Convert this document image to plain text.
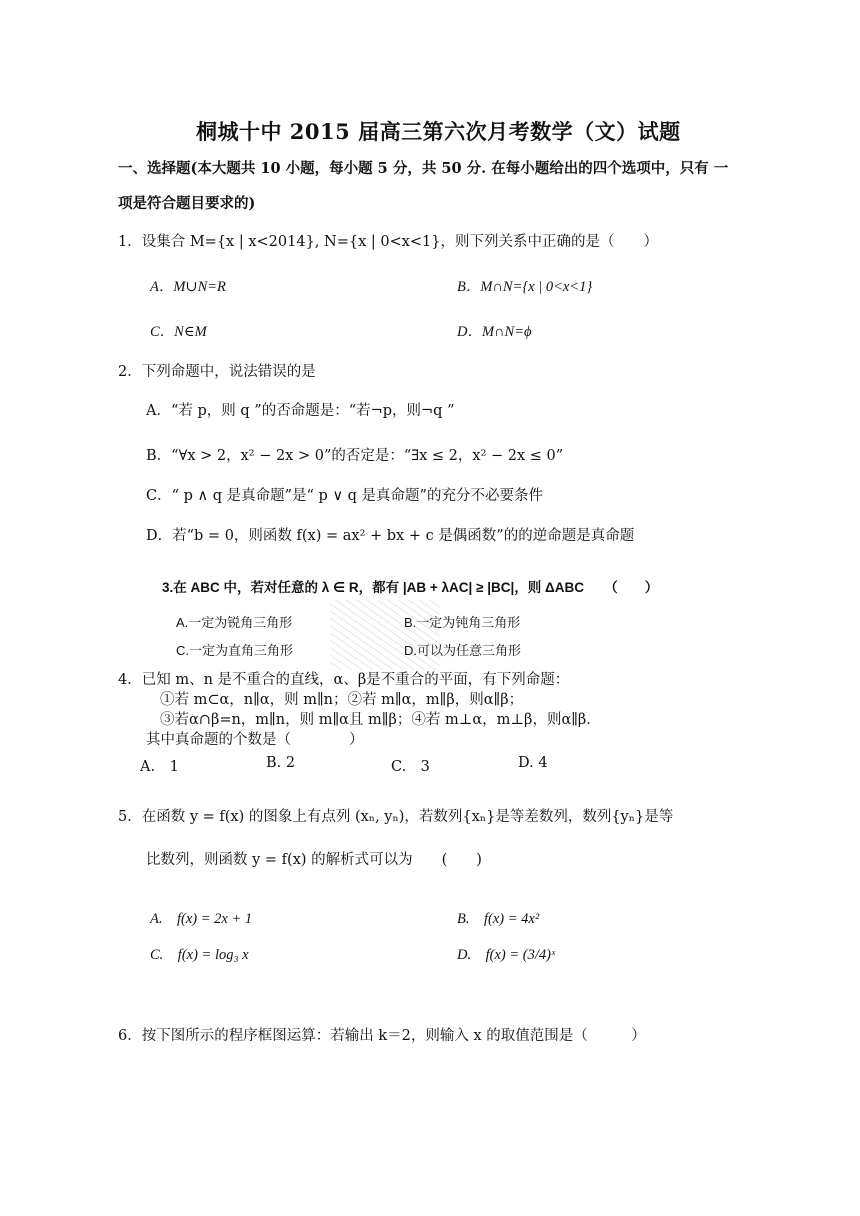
桐城十中 2015 届高三第六次月考数学（文）试题
一、选择题(本大题共 10 小题，每小题 5 分，共 50 分. 在每小题给出的四个选项中，只有 一
项是符合题目要求的)
1．设集合 M={x | x<2014}, N={x | 0<x<1}，则下列关系中正确的是（　　）
A．M∪N=R	B．M∩N={x | 0<x<1}
C．N∈M	D．M∩N=ϕ
2．下列命题中，说法错误的是
A．“若 p，则 q ”的否命题是：“若¬p，则¬q ”
B．“∀x > 2，x² − 2x > 0”的否定是：“∃x ≤ 2，x² − 2x ≤ 0”
C．“ p ∧ q 是真命题”是“ p ∨ q 是真命题”的充分不必要条件
D．若“b = 0，则函数 f(x) = ax² + bx + c 是偶函数”的的逆命题是真命题
3.在 ABC 中，若对任意的 λ ∈ R，都有 |AB + λAC| ≥ |BC|，则 ΔABC　　（　　）
A.一定为锐角三角形	B.一定为钝角三角形
C.一定为直角三角形	D.可以为任意三角形
4．已知 m、n 是不重合的直线，α、β是不重合的平面，有下列命题：
①若 m⊂α，n∥α，则 m∥n；②若 m∥α，m∥β，则α∥β；
③若α∩β=n，m∥n，则 m∥α且 m∥β；④若 m⊥α，m⊥β，则α∥β．
其中真命题的个数是（　　　　）
A.　1	B. 2	C.　3	D. 4
5．在函数 y = f(x) 的图象上有点列 (xₙ, yₙ)，若数列{xₙ}是等差数列，数列{yₙ}是等
比数列，则函数 y = f(x) 的解析式可以为　　(　　)
A.　f(x) = 2x + 1	B.　f(x) = 4x²
C.　f(x) = log₃ x	D.　f(x) = (3/4)ˣ
6．按下图所示的程序框图运算：若输出 k＝2，则输入 x 的取值范围是（　　　）
